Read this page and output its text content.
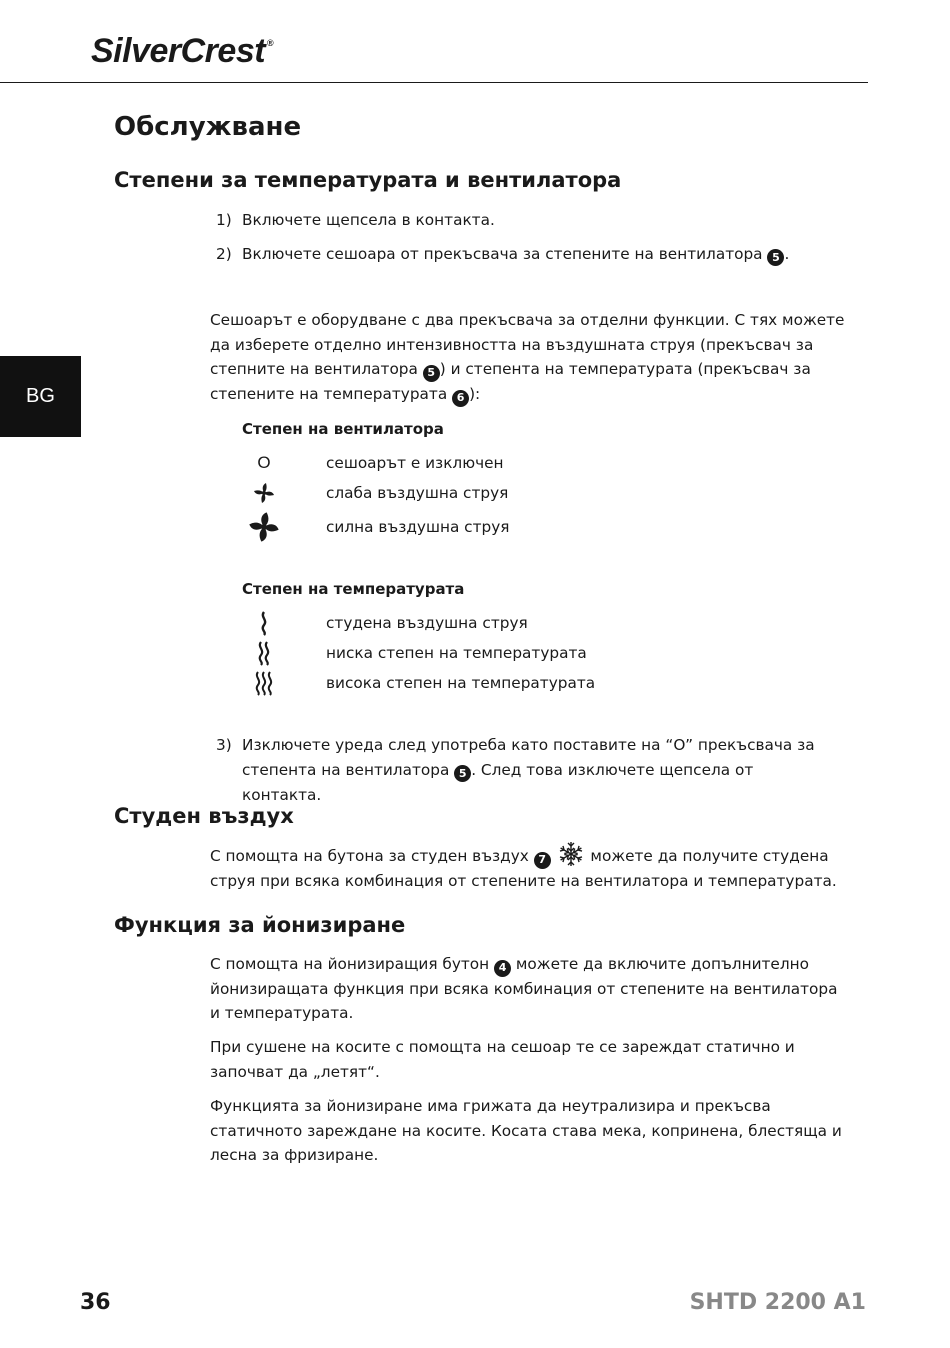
SilverCrest ®
BG
Обслужване
Степени за температурата и вентилатора
1) Включете щепсела в контакта.
2) Включете сешоара от прекъсвача за степените на вентилатора 5 .

Сешоарът е оборудване с два прекъсвача за отделни функции. С тях можете да изберете отделно интензивността на въздушната струя (прекъсвач за степните на вентилатора 5 ) и степента на температурата (прекъсвач за степените на температурата 6 ):

Степен на вентилатора
O	сешоарът е изключен
слаба въздушна струя
силна въздушна струя
Степен на температурата
студена въздушна струя
ниска степен на температурата
висока степен на температурата
3) Изключете уреда след употреба като поставите на “O” прекъсвача за степента на вентилатора 5 . След това изключете щепсела от контакта.
Студен въздух

С помощта на бутона за студен въздух 7	можете да получите студена струя при всяка комбинация от степените на вентилатора и температурата.

Функция за йонизиране

С помощта на йонизиращия бутон 4 можете да включите допълнително йонизиращата функция при всяка комбинация от степените на вентилатора и температурата.

При сушене на косите с помощта на сешоар те се зареждат статично и започват да „летят“.

Функцията за йонизиране има грижата да неутрализира и прекъсва статичното зареждане на косите. Косата става мека, копринена, блестяща и лесна за фризиране.

36	SHTD 2200 A1
